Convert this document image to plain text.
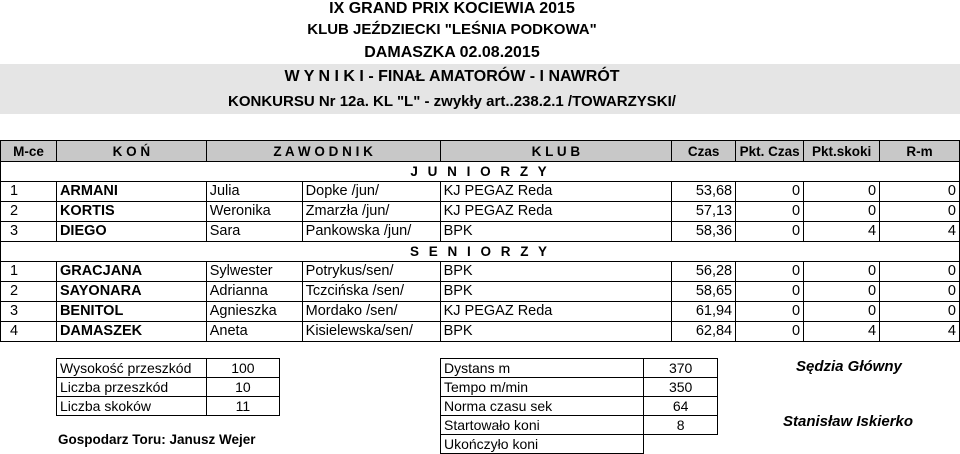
IX GRAND PRIX KOCIEWIA 2015
KLUB JEŹDZIECKI "LEŚNIA PODKOWA"
DAMASZKA 02.08.2015
W Y N I K I - FINAŁ AMATORÓW - I NAWRÓT
KONKURSU Nr 12a. KL "L" - zwykły art..238.2.1 /TOWARZYSKI/
M-ce	K O Ń	Z A W O D N I K		K L U B	Czas	Pkt. Czas	Pkt.skoki	R-m
J U N I O R Z Y								
1	ARMANI	Julia	Dopke /jun/	KJ PEGAZ Reda	53,68	0	0	0
2	KORTIS	Weronika	Zmarzła /jun/	KJ PEGAZ Reda	57,13	0	0	0
3	DIEGO	Sara	Pankowska /jun/	BPK	58,36	0	4	4
S E N I O R Z Y								
1	GRACJANA	Sylwester	Potrykus/sen/	BPK	56,28	0	0	0
2	SAYONARA	Adrianna	Tczcińska /sen/	BPK	58,65	0	0	0
3	BENITOL	Agnieszka	Mordako /sen/	KJ PEGAZ Reda	61,94	0	0	0
4	DAMASZEK	Aneta	Kisielewska/sen/	BPK	62,84	0	4	4
Wysokość przeszkód	100
Liczba przeszkód	10
Liczba skoków	11
Gospodarz Toru: Janusz Wejer
Dystans m	370
Tempo m/min	350
Norma czasu sek	64
Startowało koni	8
Ukończyło koni	
Sędzia Główny
Stanisław Iskierko
